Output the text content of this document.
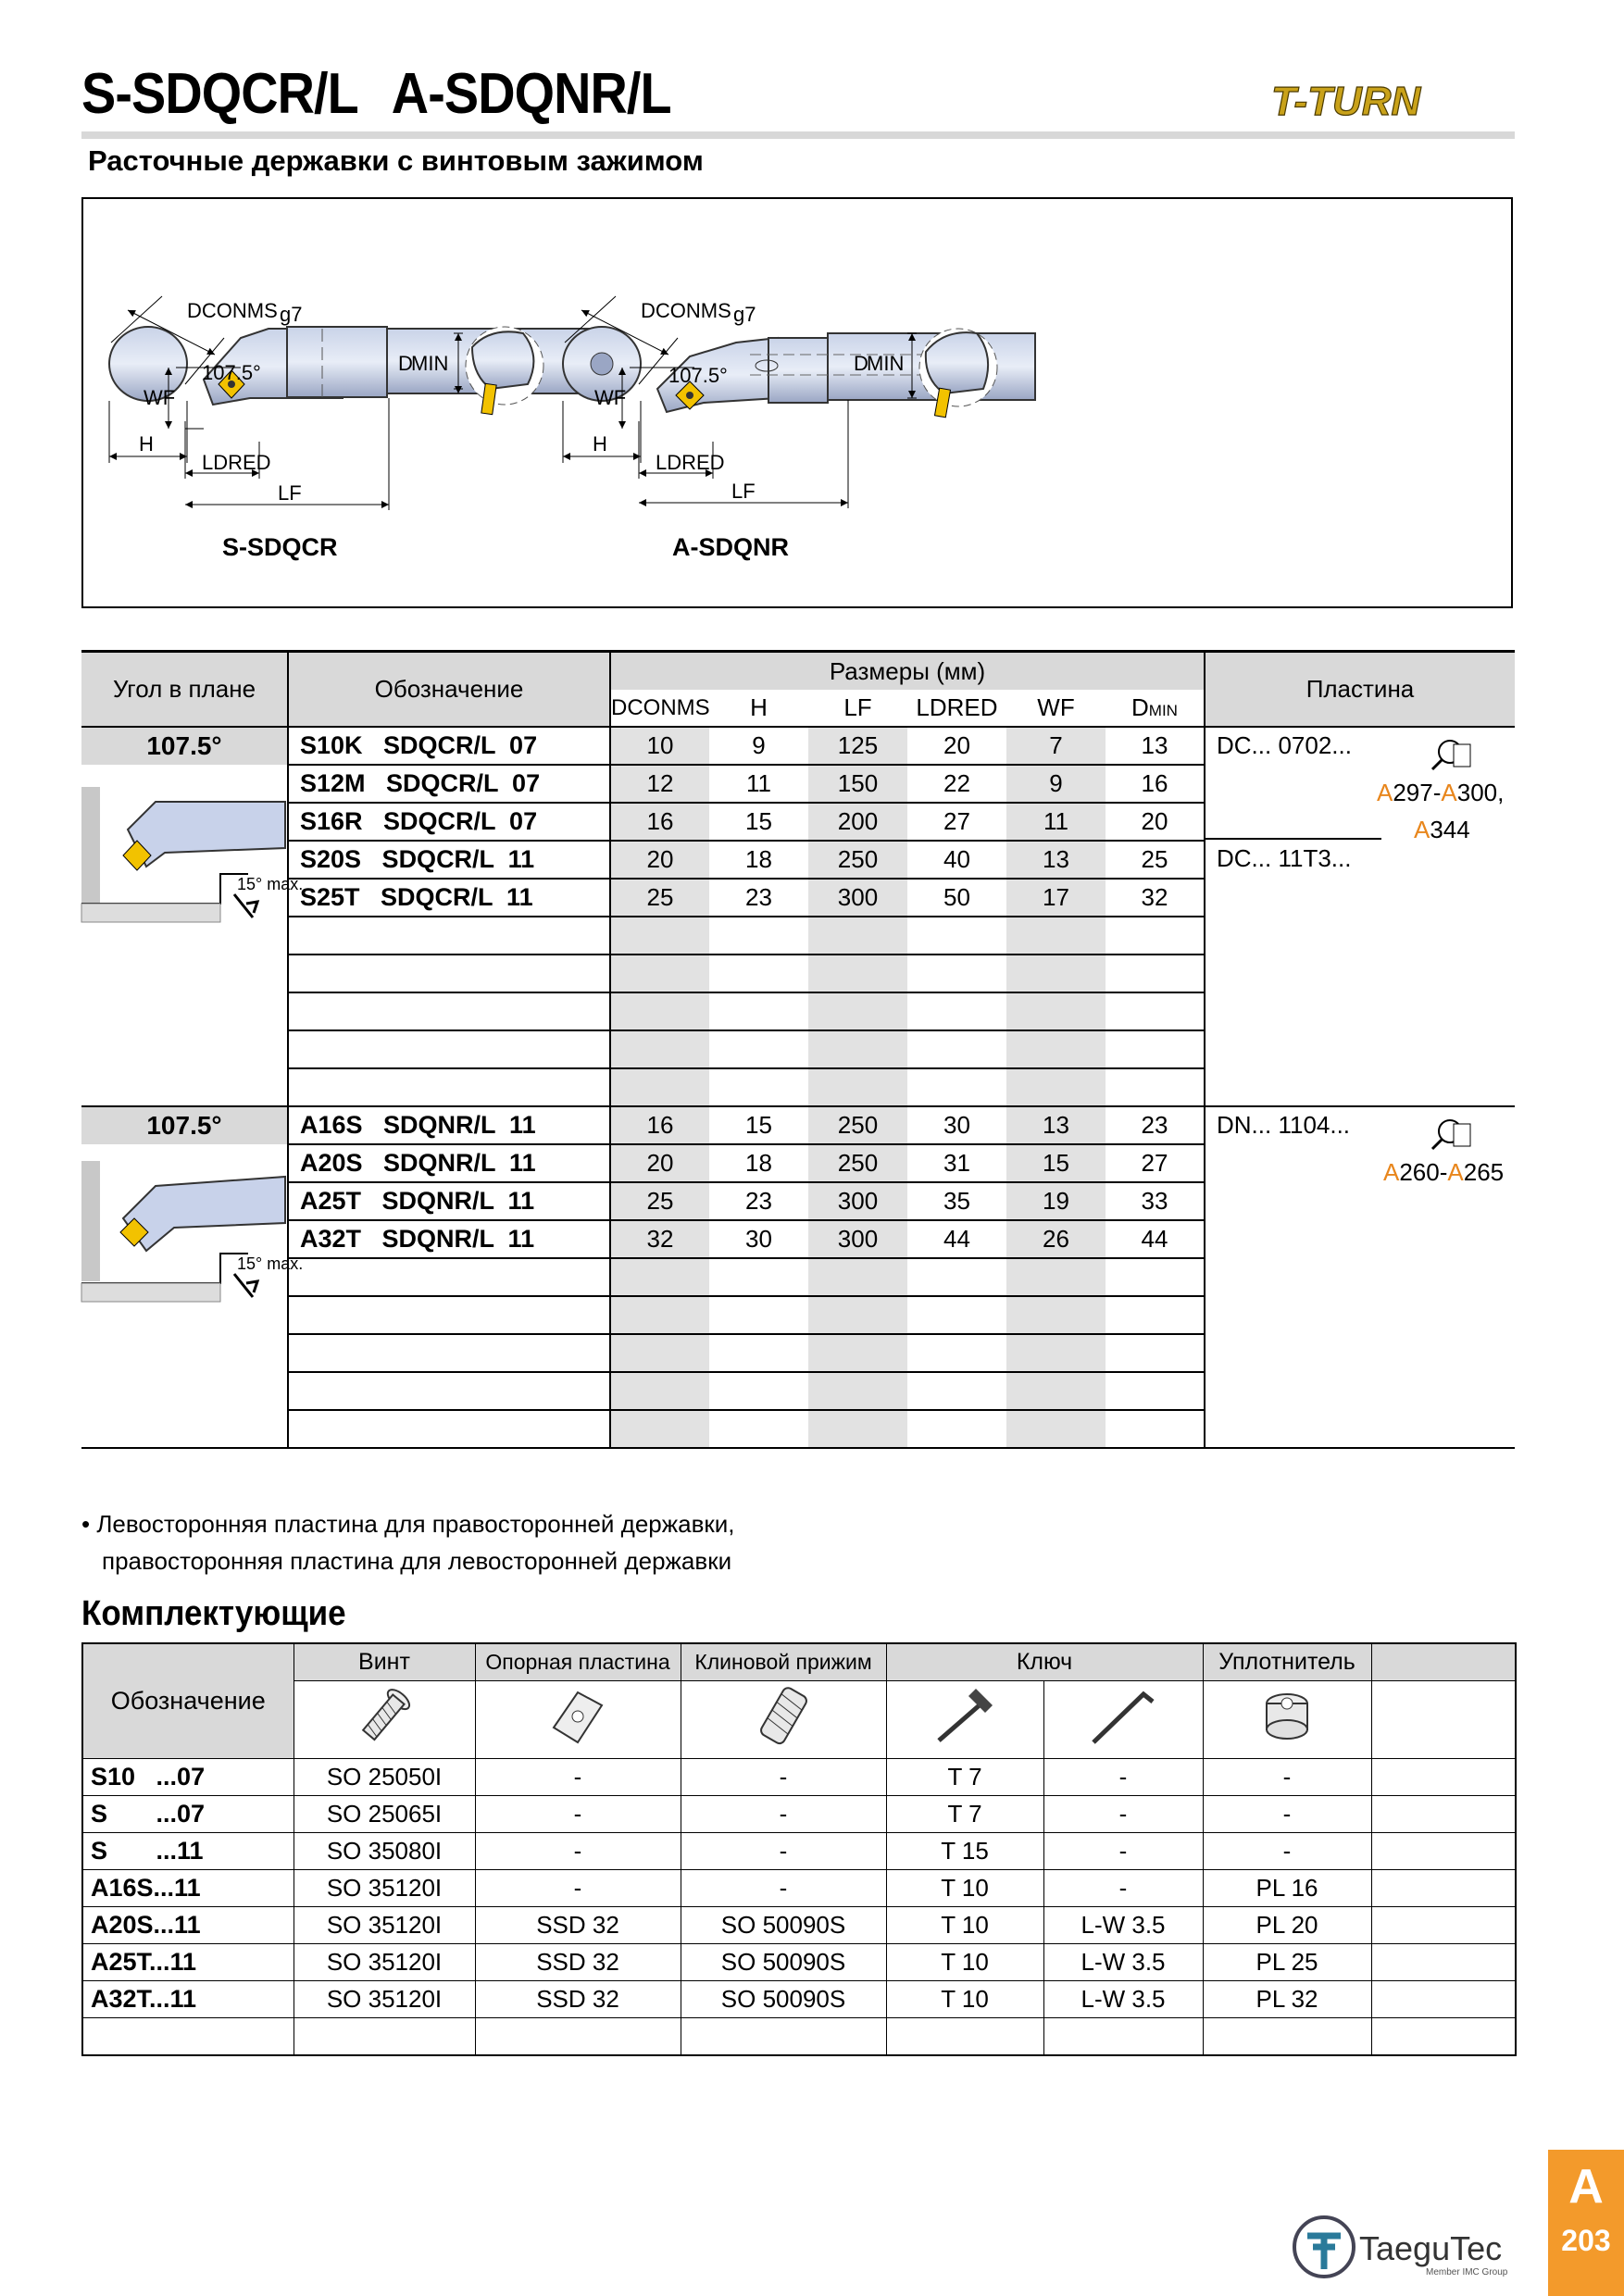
S-SDQCR/L A-SDQNR/L	T-TURN
Расточные державки с винтовым зажимом
DCONMS g7
H
107.5°
WF
LDRED
LF
D
MIN
S-SDQCR
DCONMS g7
H
107.5°
WF
LDRED
LF
D
MIN
A-SDQNR
Угол в плане	Обозначение	Размеры (мм)						Пластина
		DCONMS	H	LF	LDRED	WF	DMIN	
107.5°	S10K   SDQCR/L  07	10	9	125	20	7	13	DC... 0702...
A297-A300,
A344
DC... 11T3...

15° max.	S12M   SDQCR/L  07	12	11	150	22	9	16	
	S16R   SDQCR/L  07	16	15	200	27	11	20	
	S20S   SDQCR/L  11	20	18	250	40	13	25	
	S25T   SDQCR/L  11	25	23	300	50	17	32	

107.5°	A16S   SDQNR/L  11	16	15	250	30	13	23	DN... 1104...
A260-A265

15° max.	A20S   SDQNR/L  11	20	18	250	31	15	27	
	A25T   SDQNR/L  11	25	23	300	35	19	33	
	A32T   SDQNR/L  11	32	30	300	44	26	44	

• Левосторонняя пластина для правосторонней державки,
правосторонняя пластина для левосторонней державки
Комплектующие
Обозначение	Винт	Опорная пластина	Клиновой прижим	Ключ		Уплотнитель	

S10   ...07	SO 25050I	-	-	T 7	-	-	
S       ...07	SO 25065I	-	-	T 7	-	-	
S       ...11	SO 35080I	-	-	T 15	-	-	
A16S...11	SO 35120I	-	-	T 10	-	PL 16	
A20S...11	SO 35120I	SSD 32	SO 50090S	T 10	L-W 3.5	PL 20	
A25T...11	SO 35120I	SSD 32	SO 50090S	T 10	L-W 3.5	PL 25	
A32T...11	SO 35120I	SSD 32	SO 50090S	T 10	L-W 3.5	PL 32	

TaeguTec
Member IMC Group
A
203
